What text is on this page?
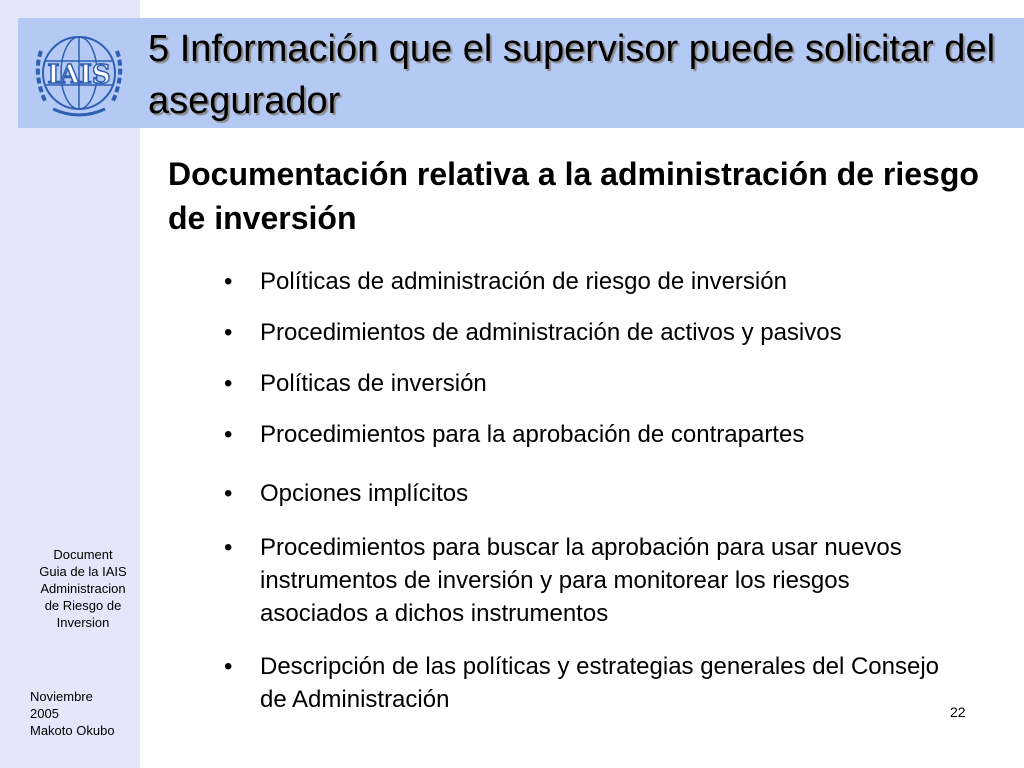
IAIS
5 Información que el supervisor puede solicitar del asegurador
Documentación relativa a la administración de riesgo de inversión
•	Políticas de administración de riesgo de inversión
•	Procedimientos de administración de activos y pasivos
•	Políticas de inversión
•	Procedimientos para la aprobación de contrapartes
•	Opciones implícitos
•	Procedimientos para buscar la aprobación para usar nuevos instrumentos de inversión y para monitorear los riesgos asociados a dichos instrumentos
•	Descripción de las políticas y estrategias generales del Consejo de Administración
Document
Guia de la IAIS
Administracion
de Riesgo de
Inversion
Noviembre
2005
Makoto Okubo
22
